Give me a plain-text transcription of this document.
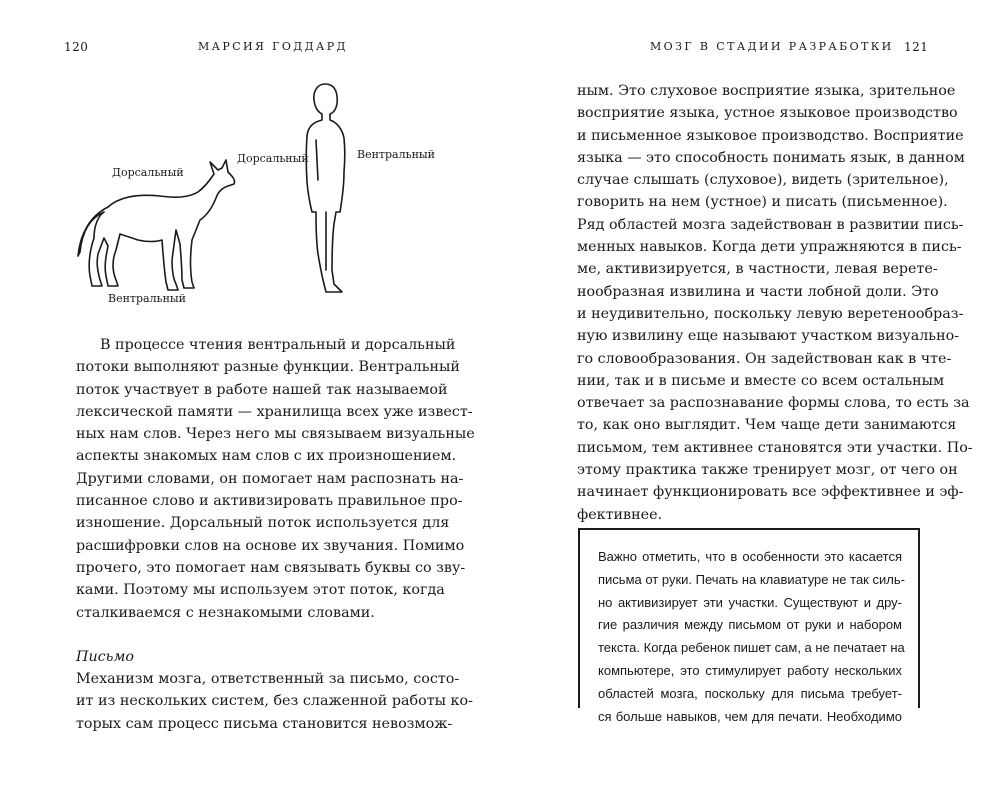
120	МАРСИЯ ГОДДАРД
Дорсальный
Вентральный
Дорсальный	Вентральный

В процессе чтения вентральный и дорсальный
потоки выполняют разные функции. Вентральный
поток участвует в работе нашей так называемой
лексической памяти — хранилища всех уже извест-
ных нам слов. Через него мы связываем визуальные
аспекты знакомых нам слов с их произношением.
Другими словами, он помогает нам распознать на-
писанное слово и активизировать правильное про-
изношение. Дорсальный поток используется для
расшифровки слов на основе их звучания. Помимо
прочего, это помогает нам связывать буквы со зву-
ками. Поэтому мы используем этот поток, когда
сталкиваемся с незнакомыми словами.

Письмо
Механизм мозга, ответственный за письмо, состо-
ит из нескольких систем, без слаженной работы ко-
торых сам процесс письма становится невозмож-

МОЗГ В СТАДИИ РАЗРАБОТКИ 121

ным. Это слуховое восприятие языка, зрительное
восприятие языка, устное языковое производство
и письменное языковое производство. Восприятие
языка — это способность понимать язык, в данном
случае слышать (слуховое), видеть (зрительное),
говорить на нем (устное) и писать (письменное).
Ряд областей мозга задействован в развитии пись-
менных навыков. Когда дети упражняются в пись-
ме, активизируется, в частности, левая верете-
нообразная извилина и части лобной доли. Это
и неудивительно, поскольку левую веретенообраз-
ную извилину еще называют участком визуально-
го словообразования. Он задействован как в чте-
нии, так и в письме и вместе со всем остальным
отвечает за распознавание формы слова, то есть за
то, как оно выглядит. Чем чаще дети занимаются
письмом, тем активнее становятся эти участки. По-
этому практика также тренирует мозг, от чего он
начинает функционировать все эффективнее и эф-
фективнее.

Важно отметить, что в особенности это касается
письма от руки. Печать на клавиатуре не так силь-
но активизирует эти участки. Существуют и дру-
гие различия между письмом от руки и набором
текста. Когда ребенок пишет сам, а не печатает на
компьютере, это стимулирует работу нескольких
областей мозга, поскольку для письма требует-
ся больше навыков, чем для печати. Необходимо
